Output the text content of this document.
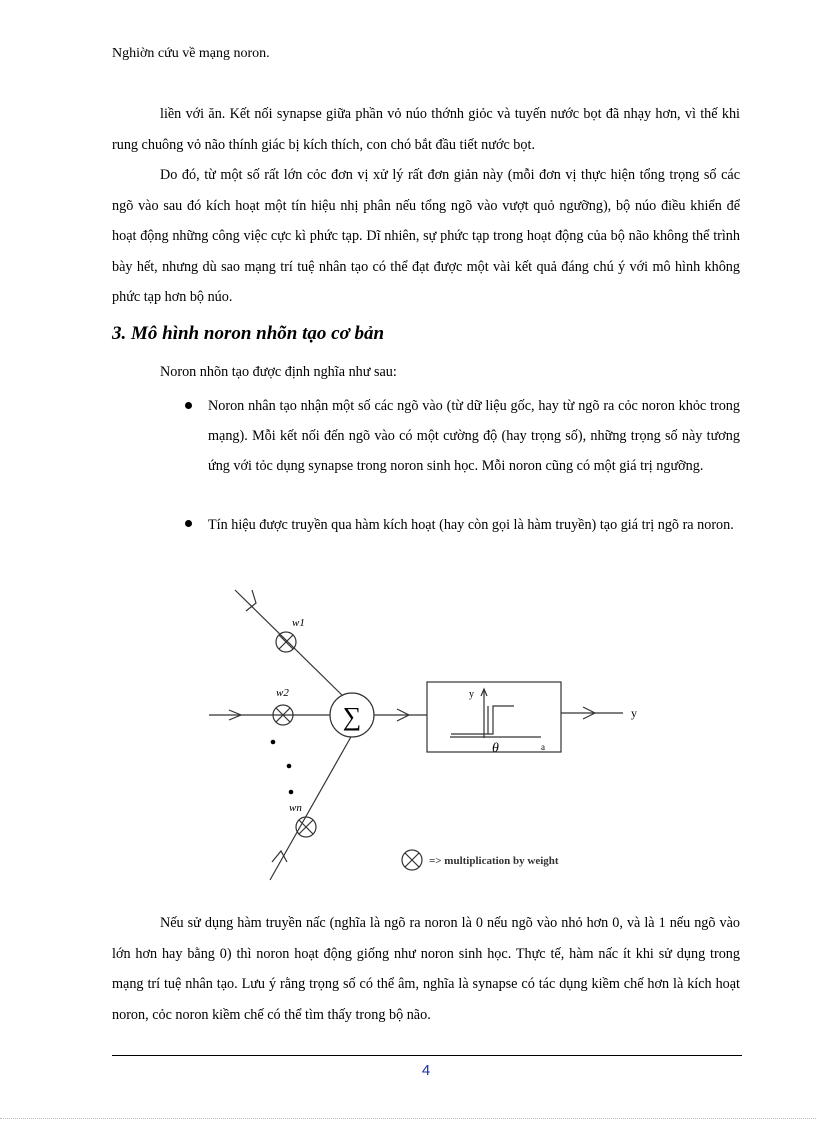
Nghiờn cứu về mạng noron.
liền với ăn. Kết nối synapse giữa phần vỏ núo thớnh giỏc và tuyến nước bọt đã nhạy hơn, vì thế khi rung chuông vỏ não thính giác bị kích thích, con chó bắt đầu tiết nước bọt.
Do đó, từ một số rất lớn cỏc đơn vị xử lý rất đơn giản này (mỗi đơn vị thực hiện tổng trọng số các ngõ vào sau đó kích hoạt một tín hiệu nhị phân nếu tổng ngõ vào vượt quỏ ngưỡng), bộ núo điều khiển để hoạt động những công việc cực kì phức tạp. Dĩ nhiên, sự phức tạp trong hoạt động của bộ não không thể trình bày hết, nhưng dù sao mạng trí tuệ nhân tạo có thể đạt được một vài kết quả đáng chú ý với mô hình không phức tạp hơn bộ núo.
3. Mô hình noron nhõn tạo cơ bản
Noron nhõn tạo được định nghĩa như sau:
Noron nhân tạo nhận một số các ngõ vào (từ dữ liệu gốc, hay từ ngõ ra cỏc noron khỏc trong mạng). Mỗi kết nối đến ngõ vào có một cường độ (hay trọng số), những trọng số này tương ứng với tỏc dụng synapse trong noron sinh học. Mỗi noron cũng có một giá trị ngưỡng.
Tín hiệu được truyền qua hàm kích hoạt (hay còn gọi là hàm truyền) tạo giá trị ngõ ra noron.
w1
w2
wn
∑
y
θ	a
y
=> multiplication by weight
Nếu sử dụng hàm truyền nấc (nghĩa là ngõ ra noron là 0 nếu ngõ vào nhỏ hơn 0, và là 1 nếu ngõ vào lớn hơn hay bằng 0) thì noron hoạt động giống như noron sinh học. Thực tế, hàm nấc ít khi sử dụng trong mạng trí tuệ nhân tạo. Lưu ý rằng trọng số có thể âm, nghĩa là synapse có tác dụng kiềm chế hơn là kích hoạt noron, cỏc noron kiềm chế có thể tìm thấy trong bộ não.
4
